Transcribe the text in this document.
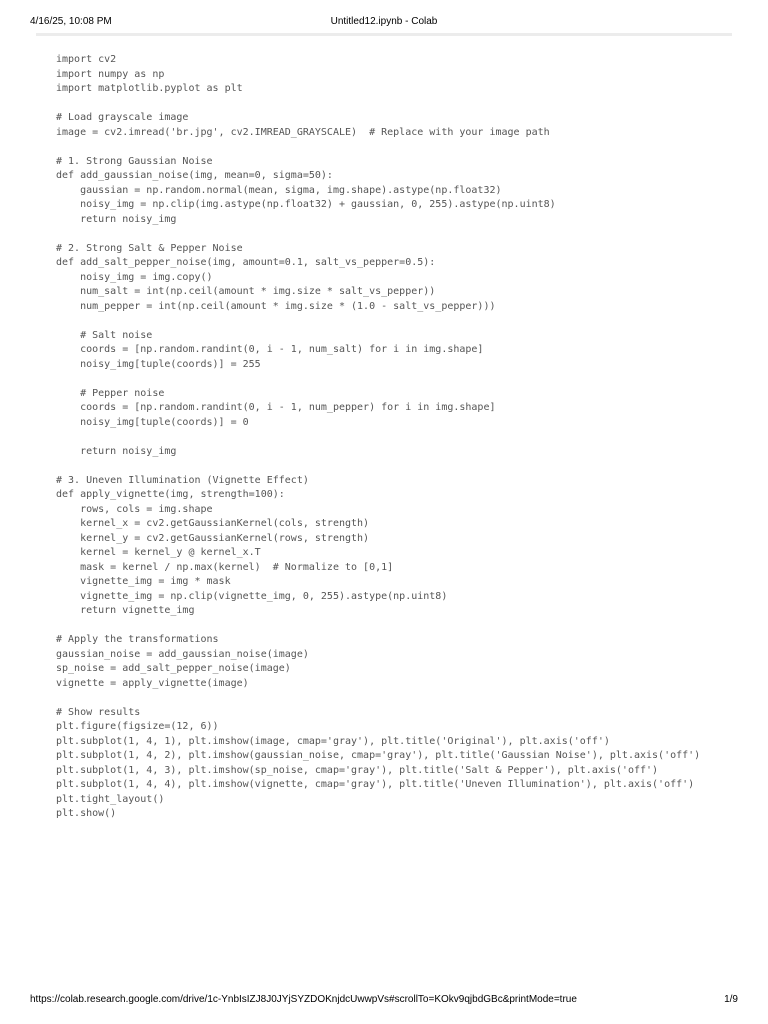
4/16/25, 10:08 PM	Untitled12.ipynb - Colab
import cv2
import numpy as np
import matplotlib.pyplot as plt
# Load grayscale image
image = cv2.imread('br.jpg', cv2.IMREAD_GRAYSCALE)  # Replace with your image path
# 1. Strong Gaussian Noise
def add_gaussian_noise(img, mean=0, sigma=50):
gaussian = np.random.normal(mean, sigma, img.shape).astype(np.float32)
noisy_img = np.clip(img.astype(np.float32) + gaussian, 0, 255).astype(np.uint8)
return noisy_img
# 2. Strong Salt & Pepper Noise
def add_salt_pepper_noise(img, amount=0.1, salt_vs_pepper=0.5):
noisy_img = img.copy()
num_salt = int(np.ceil(amount * img.size * salt_vs_pepper))
num_pepper = int(np.ceil(amount * img.size * (1.0 - salt_vs_pepper)))
# Salt noise
coords = [np.random.randint(0, i - 1, num_salt) for i in img.shape]
noisy_img[tuple(coords)] = 255
# Pepper noise
coords = [np.random.randint(0, i - 1, num_pepper) for i in img.shape]
noisy_img[tuple(coords)] = 0
return noisy_img
# 3. Uneven Illumination (Vignette Effect)
def apply_vignette(img, strength=100):
rows, cols = img.shape
kernel_x = cv2.getGaussianKernel(cols, strength)
kernel_y = cv2.getGaussianKernel(rows, strength)
kernel = kernel_y @ kernel_x.T
mask = kernel / np.max(kernel)  # Normalize to [0,1]
vignette_img = img * mask
vignette_img = np.clip(vignette_img, 0, 255).astype(np.uint8)
return vignette_img
# Apply the transformations
gaussian_noise = add_gaussian_noise(image)
sp_noise = add_salt_pepper_noise(image)
vignette = apply_vignette(image)
# Show results
plt.figure(figsize=(12, 6))
plt.subplot(1, 4, 1), plt.imshow(image, cmap='gray'), plt.title('Original'), plt.axis('off')
plt.subplot(1, 4, 2), plt.imshow(gaussian_noise, cmap='gray'), plt.title('Gaussian Noise'), plt.axis('off')
plt.subplot(1, 4, 3), plt.imshow(sp_noise, cmap='gray'), plt.title('Salt & Pepper'), plt.axis('off')
plt.subplot(1, 4, 4), plt.imshow(vignette, cmap='gray'), plt.title('Uneven Illumination'), plt.axis('off')
plt.tight_layout()
plt.show()
https://colab.research.google.com/drive/1c-YnbIsIZJ8J0JYjSYZDOKnjdcUwwpVs#scrollTo=KOkv9qjbdGBc&printMode=true	1/9
